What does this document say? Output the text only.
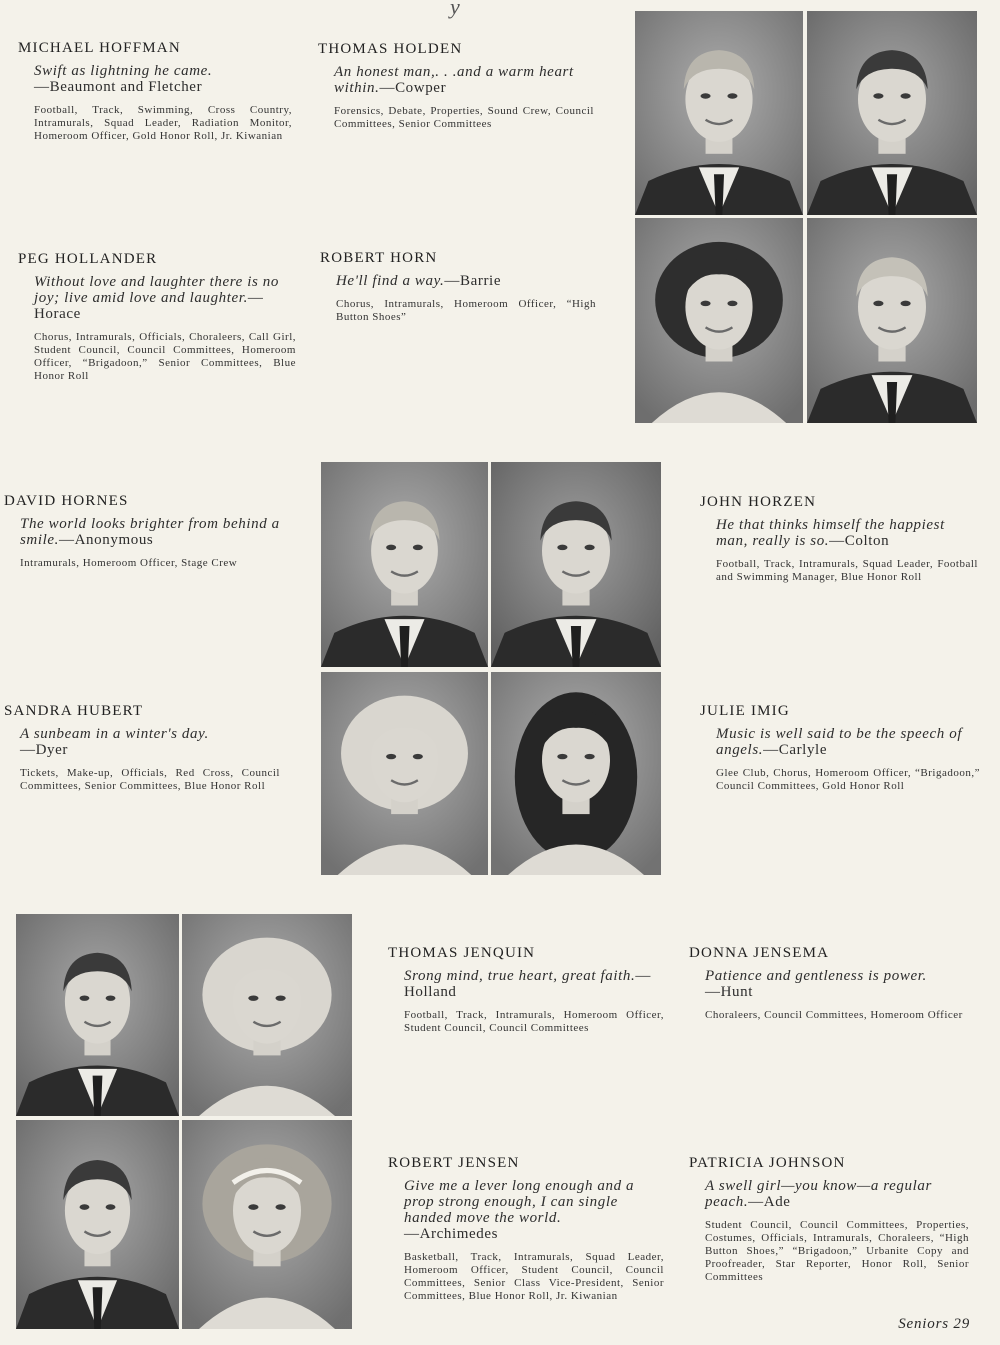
y
MICHAEL HOFFMAN
Swift as lightning he came.
—Beaumont and Fletcher
Football, Track, Swimming, Cross Country, Intramurals, Squad Leader, Radiation Monitor, Homeroom Officer, Gold Honor Roll, Jr. Kiwanian
THOMAS HOLDEN
An honest man,. . .and a warm heart within.—Cowper
Forensics, Debate, Properties, Sound Crew, Council Committees, Senior Committees
PEG HOLLANDER
Without love and laughter there is no joy; live amid love and laughter.—Horace
Chorus, Intramurals, Officials, Choraleers, Call Girl, Student Council, Council Committees, Homeroom Officer, “Brigadoon,” Senior Committees, Blue Honor Roll
ROBERT HORN
He'll find a way.—Barrie
Chorus, Intramurals, Homeroom Officer, “High Button Shoes”
DAVID HORNES
The world looks brighter from behind a smile.—Anonymous
Intramurals, Homeroom Officer, Stage Crew
JOHN HORZEN
He that thinks himself the happiest man, really is so.—Colton
Football, Track, Intramurals, Squad Leader, Football and Swimming Manager, Blue Honor Roll
SANDRA HUBERT
A sunbeam in a winter's day.
—Dyer
Tickets, Make-up, Officials, Red Cross, Council Committees, Senior Committees, Blue Honor Roll
JULIE IMIG
Music is well said to be the speech of angels.—Carlyle
Glee Club, Chorus, Homeroom Officer, “Brigadoon,” Council Committees, Gold Honor Roll
THOMAS JENQUIN
Srong mind, true heart, great faith.—Holland
Football, Track, Intramurals, Homeroom Officer, Student Council, Council Committees
DONNA JENSEMA
Patience and gentleness is power.
—Hunt
Choraleers, Council Committees, Homeroom Officer
ROBERT JENSEN
Give me a lever long enough and a prop strong enough, I can single handed move the world.
—Archimedes
Basketball, Track, Intramurals, Squad Leader, Homeroom Officer, Student Council, Council Committees, Senior Class Vice-President, Senior Committees, Blue Honor Roll, Jr. Kiwanian
PATRICIA JOHNSON
A swell girl—you know—a regular peach.—Ade
Student Council, Council Committees, Properties, Costumes, Officials, Intramurals, Choraleers, “High Button Shoes,” “Brigadoon,” Urbanite Copy and Proofreader, Star Reporter, Honor Roll, Senior Committees
Seniors 29
